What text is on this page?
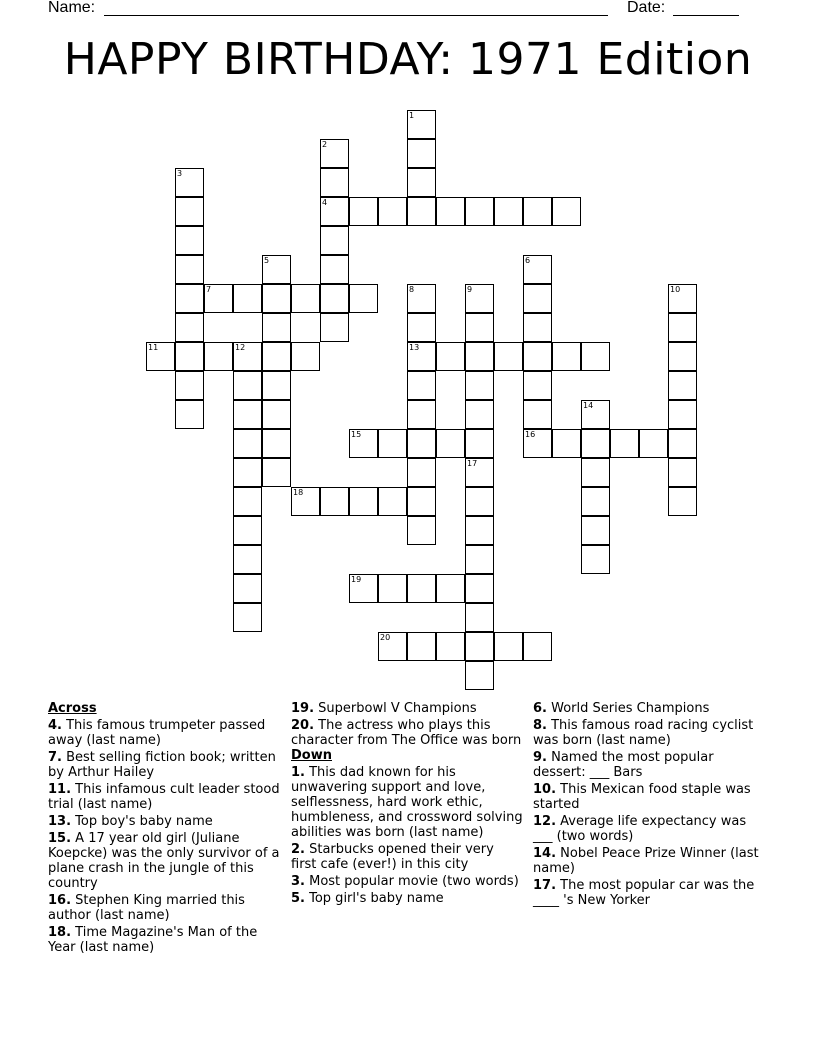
Name:	Date:
HAPPY BIRTHDAY: 1971 Edition
1
2
4
3
5	6
16
7	8
13
9	10
11	12
14
15
17
18
19
20
Across
4. This famous trumpeter passed away (last name)
7. Best selling fiction book; written by Arthur Hailey
11. This infamous cult leader stood trial (last name)
13. Top boy's baby name
15. A 17 year old girl (Juliane Koepcke) was the only survivor of a plane crash in the jungle of this country
16. Stephen King married this author (last name)
18. Time Magazine's Man of the Year (last name)
19. Superbowl V Champions
20. The actress who plays this character from The Office was born
Down
1. This dad known for his unwavering support and love, selflessness, hard work ethic, humbleness, and crossword solving abilities was born (last name)
2. Starbucks opened their very first cafe (ever!) in this city
3. Most popular movie (two words)
5. Top girl's baby name
6. World Series Champions
8. This famous road racing cyclist was born (last name)
9. Named the most popular dessert: ___ Bars
10. This Mexican food staple was started
12. Average life expectancy was ___ (two words)
14. Nobel Peace Prize Winner (last name)
17. The most popular car was the ____ 's New Yorker
